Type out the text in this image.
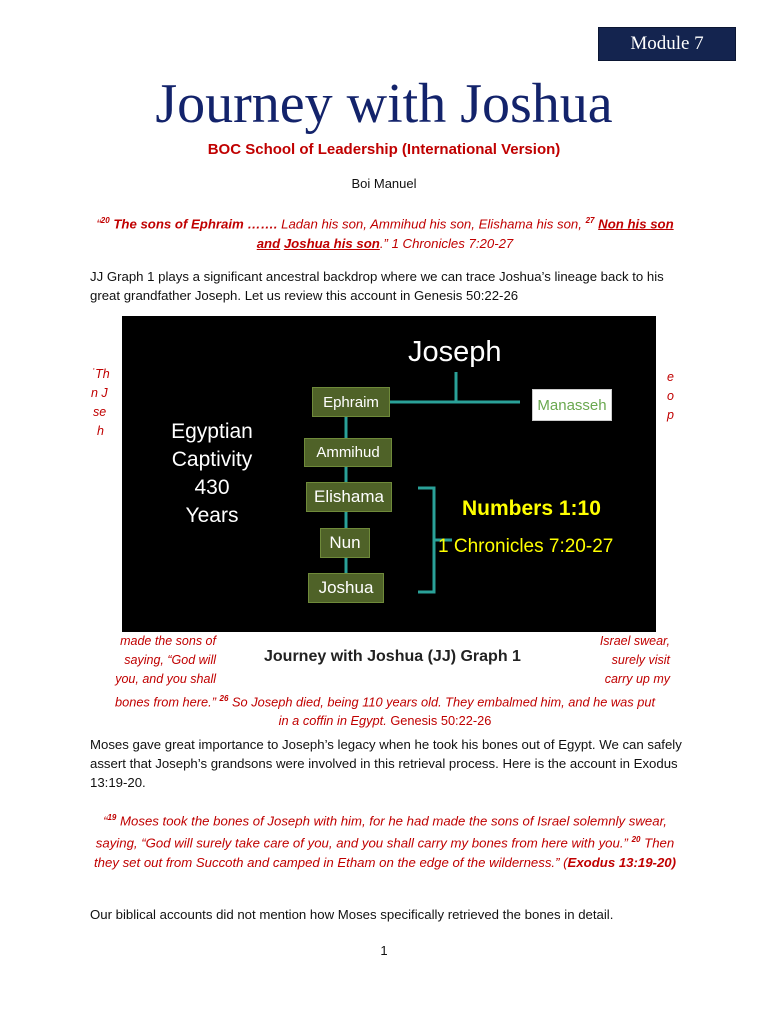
Module 7
Journey with Joshua
BOC School of Leadership (International Version)
Boi Manuel
“$^{20}$ The sons of Ephraim ……. Ladan his son, Ammihud his son, Elishama his son, $^{27}$ Non his son
and Joshua his son.” 1 Chronicles 7:20-27
JJ Graph 1 plays a significant ancestral backdrop where we can trace Joshua’s lineage back to his great grandfather Joseph. Let us review this account in Genesis 50:22-26
Joseph
Ephraim
Ammihud
Elishama
Nun
Joshua
Manasseh
Egyptian
Captivity
430
Years	Numbers 1:10
1 Chronicles 7:20-27
˙Th
n J
se
h
e
o
p
made the sons of
saying, “God will
you, and you shall
Journey with Joshua (JJ) Graph 1
Israel swear,
surely visit
carry up my
bones from here.” $^{26}$ So Joseph died, being 110 years old. They embalmed him, and he was put
in a coffin in Egypt. Genesis 50:22-26
Moses gave great importance to Joseph’s legacy when he took his bones out of Egypt. We can safely assert that Joseph’s grandsons were involved in this retrieval process. Here is the account in Exodus 13:19-20.
“$^{19}$ Moses took the bones of Joseph with him, for he had made the sons of Israel solemnly swear, saying, “God will surely take care of you, and you shall carry my bones from here with you.” $^{20}$ Then they set out from Succoth and camped in Etham on the edge of the wilderness.” (Exodus 13:19-20)
Our biblical accounts did not mention how Moses specifically retrieved the bones in detail.
1
